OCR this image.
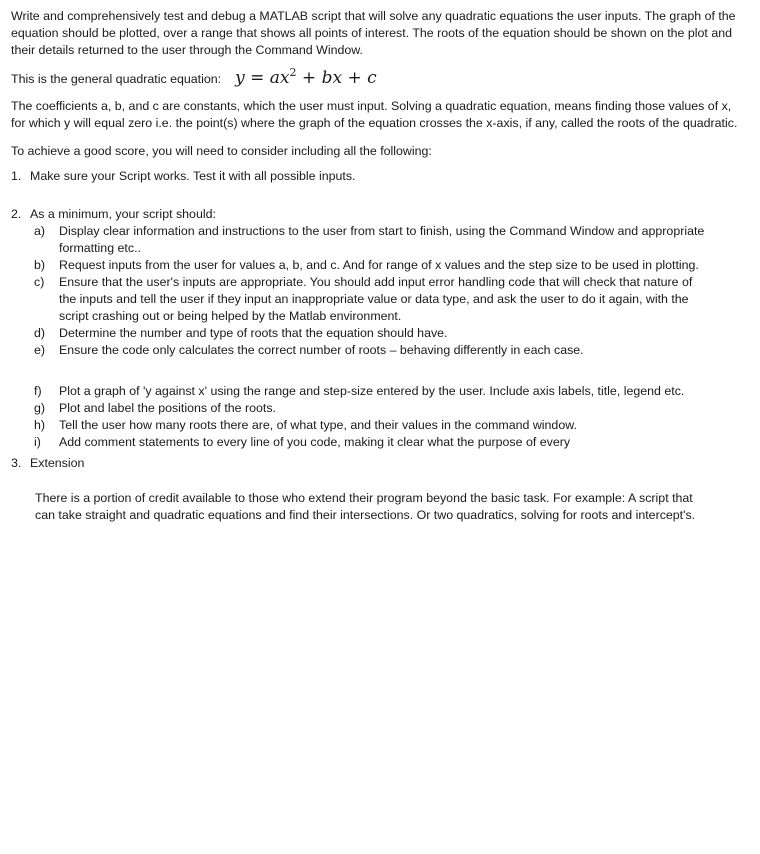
Write and comprehensively test and debug a MATLAB script that will solve any quadratic equations the user inputs. The graph of the equation should be plotted, over a range that shows all points of interest. The roots of the equation should be shown on the plot and their details returned to the user through the Command Window.

This is the general quadratic equation: $y = ax^2$ + bx + c

The coefficients a, b, and c are constants, which the user must input. Solving a quadratic equation, means finding those values of x, for which y will equal zero i.e. the point(s) where the graph of the equation crosses the x-axis, if any, called the roots of the quadratic.

To achieve a good score, you will need to consider including all the following:

1. Make sure your Script works. Test it with all possible inputs.
2. As a minimum, your script should:
a)	Display clear information and instructions to the user from start to finish, using the Command Window and appropriate formatting etc..
b)	Request inputs from the user for values a, b, and c. And for range of x values and the step size to be used in plotting.
c)	Ensure that the user's inputs are appropriate. You should add input error handling code that will check that nature of the inputs and tell the user if they input an inappropriate value or data type, and ask the user to do it again, with the script crashing out or being helped by the Matlab environment.
d)	Determine the number and type of roots that the equation should have.
e)	Ensure the code only calculates the correct number of roots – behaving differently in each case.
f)	Plot a graph of 'y against x' using the range and step-size entered by the user. Include axis labels, title, legend etc.
g)	Plot and label the positions of the roots.
h)	Tell the user how many roots there are, of what type, and their values in the command window.
i)	Add comment statements to every line of you code, making it clear what the purpose of every
3. Extension

There is a portion of credit available to those who extend their program beyond the basic task. For example: A script that can take straight and quadratic equations and find their intersections. Or two quadratics, solving for roots and intercept's.
